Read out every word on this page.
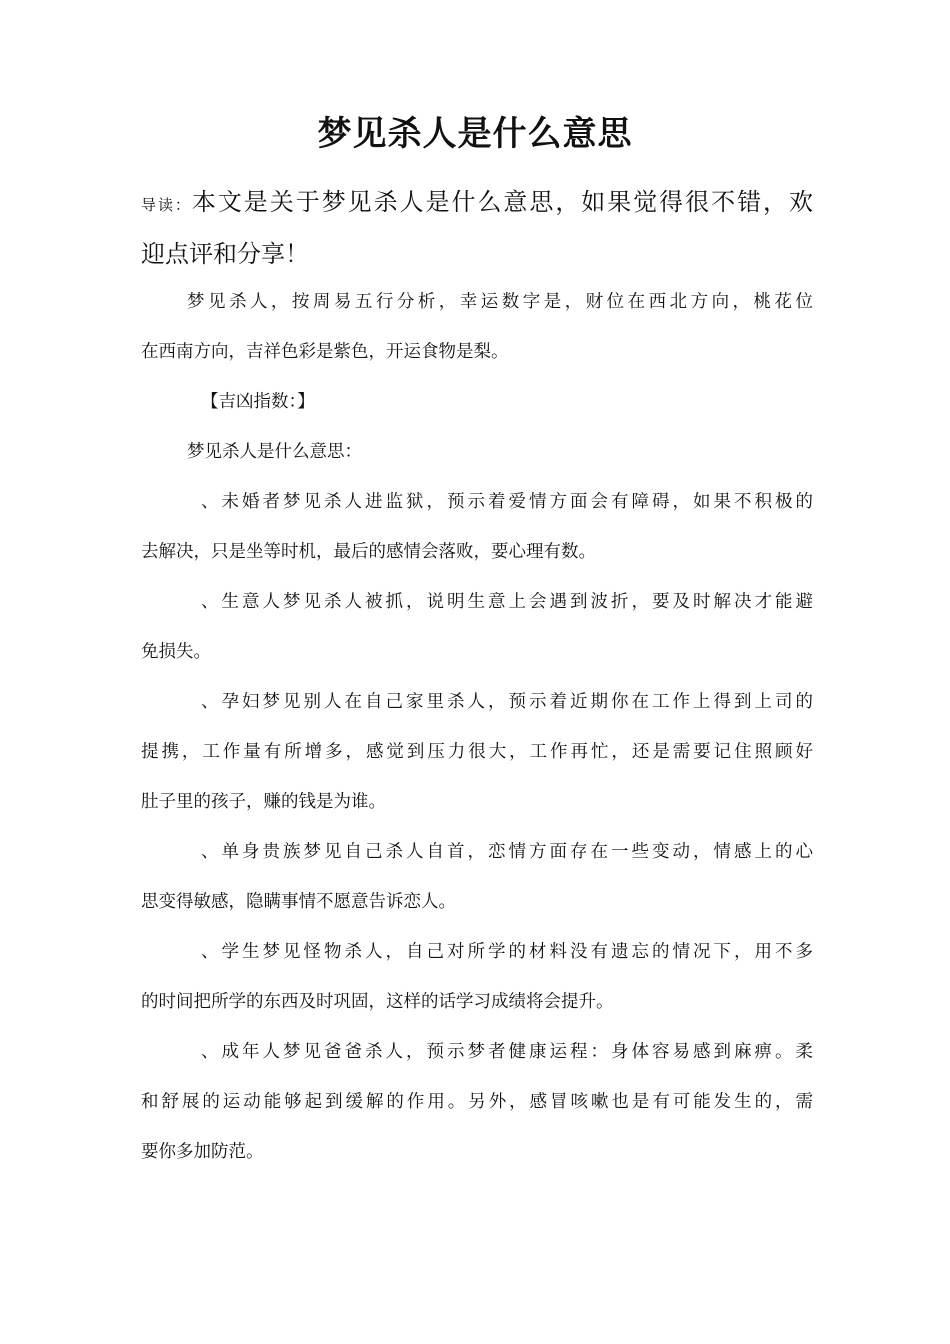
梦见杀人是什么意思
导读：本文是关于梦见杀人是什么意思，如果觉得很不错，欢
迎点评和分享！
梦见杀人，按周易五行分析，幸运数字是，财位在西北方向，桃花位
在西南方向，吉祥色彩是紫色，开运食物是梨。
【吉凶指数：】
梦见杀人是什么意思：
、未婚者梦见杀人进监狱，预示着爱情方面会有障碍，如果不积极的
去解决，只是坐等时机，最后的感情会落败，要心理有数。
、生意人梦见杀人被抓，说明生意上会遇到波折，要及时解决才能避
免损失。
、孕妇梦见别人在自己家里杀人，预示着近期你在工作上得到上司的
提携，工作量有所增多，感觉到压力很大，工作再忙，还是需要记住照顾好
肚子里的孩子，赚的钱是为谁。
、单身贵族梦见自己杀人自首，恋情方面存在一些变动，情感上的心
思变得敏感，隐瞒事情不愿意告诉恋人。
、学生梦见怪物杀人，自己对所学的材料没有遗忘的情况下，用不多
的时间把所学的东西及时巩固，这样的话学习成绩将会提升。
、成年人梦见爸爸杀人，预示梦者健康运程：身体容易感到麻痹。柔
和舒展的运动能够起到缓解的作用。另外，感冒咳嗽也是有可能发生的，需
要你多加防范。
